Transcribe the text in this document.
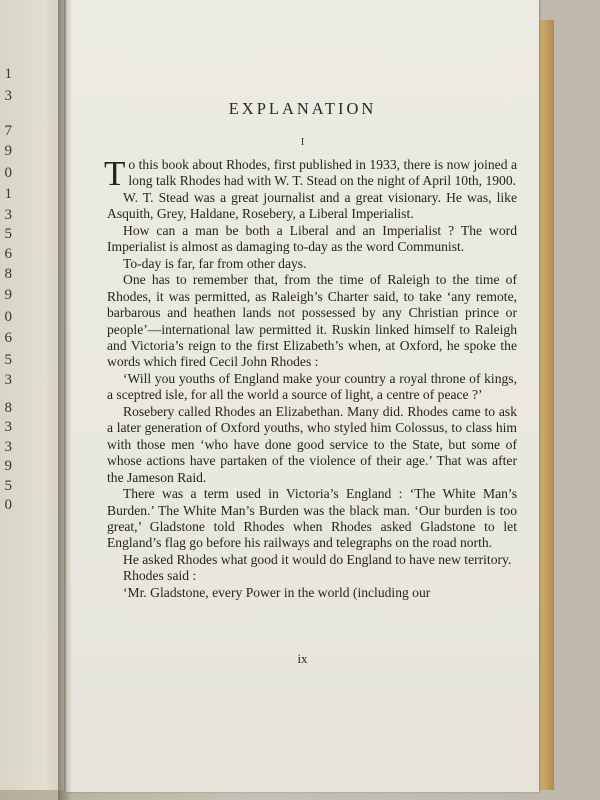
1
3
7
9
0
1
3
5
6
8
9
0
6
5
3
8
3
3
9
5
0
EXPLANATION
I

To this book about Rhodes, first published in 1933, there is now joined a long talk Rhodes had with W. T. Stead on the night of April 10th, 1900.

W. T. Stead was a great journalist and a great visionary. He was, like Asquith, Grey, Haldane, Rosebery, a Liberal Imperialist.

How can a man be both a Liberal and an Imperialist ? The word Imperialist is almost as damaging to-day as the word Communist.

To-day is far, far from other days.

One has to remember that, from the time of Raleigh to the time of Rhodes, it was permitted, as Raleigh’s Charter said, to take ‘any remote, barbarous and heathen lands not possessed by any Christian prince or people’—international law permitted it. Ruskin linked himself to Raleigh and Victoria’s reign to the first Elizabeth’s when, at Oxford, he spoke the words which fired Cecil John Rhodes :

‘Will you youths of England make your country a royal throne of kings, a sceptred isle, for all the world a source of light, a centre of peace ?’

Rosebery called Rhodes an Elizabethan. Many did. Rhodes came to ask a later generation of Oxford youths, who styled him Colossus, to class him with those men ‘who have done good service to the State, but some of whose actions have partaken of the violence of their age.’ That was after the Jameson Raid.

There was a term used in Victoria’s England : ‘The White Man’s Burden.’ The White Man’s Burden was the black man. ‘Our burden is too great,’ Gladstone told Rhodes when Rhodes asked Gladstone to let England’s flag go before his railways and telegraphs on the road north.

He asked Rhodes what good it would do England to have new territory.

Rhodes said :

‘Mr. Gladstone, every Power in the world (including our

ix
